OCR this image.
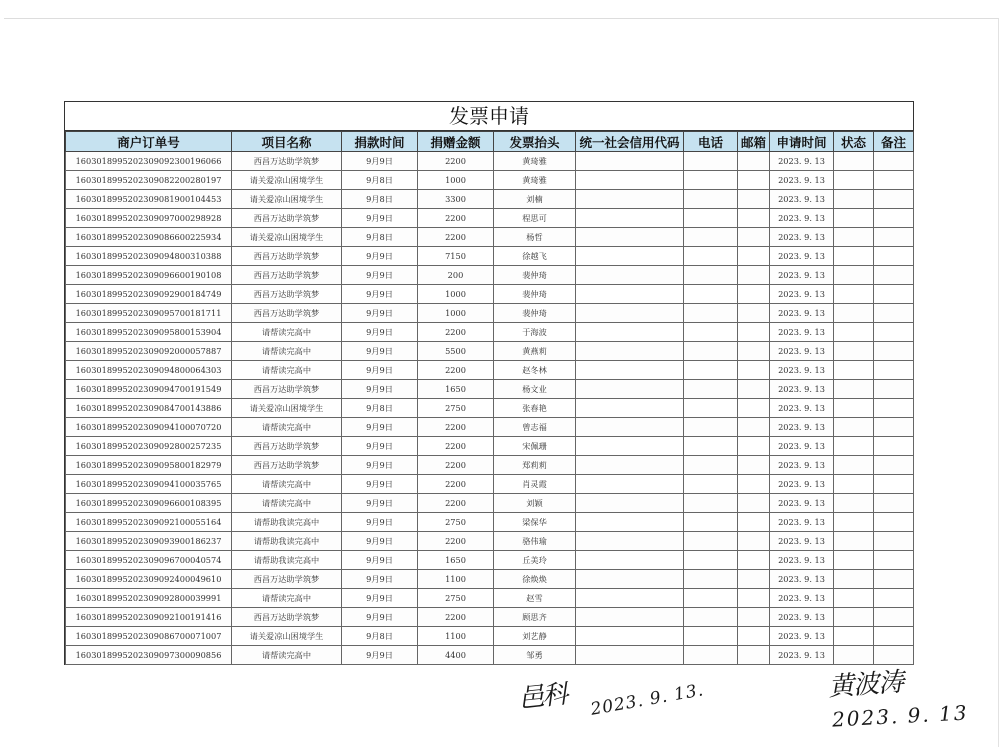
发票申请
商户订单号	项目名称	捐款时间	捐赠金额	发票抬头	统一社会信用代码	电话	邮箱	申请时间	状态	备注
16030189952023090923001960​66	西昌万达助学筑梦	9月9日	2200	黄琦雅				2023. 9. 13		
1603018995202309082200280197	请关爱凉山困境学生	9月8日	1000	黄琦雅				2023. 9. 13		
1603018995202309081900104453	请关爱凉山困境学生	9月8日	3300	刘楠				2023. 9. 13		
1603018995202309097000298928	西昌万达助学筑梦	9月9日	2200	程思可				2023. 9. 13		
1603018995202309086600225934	请关爱凉山困境学生	9月8日	2200	杨哲				2023. 9. 13		
1603018995202309094800310388	西昌万达助学筑梦	9月9日	7150	徐越飞				2023. 9. 13		
1603018995202309096600190108	西昌万达助学筑梦	9月9日	200	裴仲琦				2023. 9. 13		
1603018995202309092900184749	西昌万达助学筑梦	9月9日	1000	裴仲琦				2023. 9. 13		
1603018995202309095700181711	西昌万达助学筑梦	9月9日	1000	裴仲琦				2023. 9. 13		
1603018995202309095800153904	请帮读完高中	9月9日	2200	于海波				2023. 9. 13		
1603018995202309092000057887	请帮读完高中	9月9日	5500	黄燕莉				2023. 9. 13		
1603018995202309094800064303	请帮读完高中	9月9日	2200	赵冬林				2023. 9. 13		
1603018995202309094700191549	西昌万达助学筑梦	9月9日	1650	杨文业				2023. 9. 13		
1603018995202309084700143886	请关爱凉山困境学生	9月8日	2750	张春艳				2023. 9. 13		
1603018995202309094100070720	请帮读完高中	9月9日	2200	曾志福				2023. 9. 13		
1603018995202309092800257235	西昌万达助学筑梦	9月9日	2200	宋佩珊				2023. 9. 13		
1603018995202309095800182979	西昌万达助学筑梦	9月9日	2200	郑莉莉				2023. 9. 13		
1603018995202309094100035765	请帮读完高中	9月9日	2200	肖灵霞				2023. 9. 13		
1603018995202309096600108395	请帮读完高中	9月9日	2200	刘颖				2023. 9. 13		
1603018995202309092100055164	请帮助我读完高中	9月9日	2750	梁保华				2023. 9. 13		
1603018995202309093900186237	请帮助我读完高中	9月9日	2200	骆伟瑜				2023. 9. 13		
1603018995202309096700040574	请帮助我读完高中	9月9日	1650	丘美玲				2023. 9. 13		
1603018995202309092400049610	西昌万达助学筑梦	9月9日	1100	徐焕焕				2023. 9. 13		
1603018995202309092800039991	请帮读完高中	9月9日	2750	赵雪				2023. 9. 13		
1603018995202309092100191416	西昌万达助学筑梦	9月9日	2200	顾思齐				2023. 9. 13		
1603018995202309086700071007	请关爱凉山困境学生	9月8日	1100	刘艺静				2023. 9. 13		
1603018995202309097300090856	请帮读完高中	9月9日	4400	邹勇				2023. 9. 13		
邑科 2023. 9. 13.	黄波涛
2023. 9. 13
